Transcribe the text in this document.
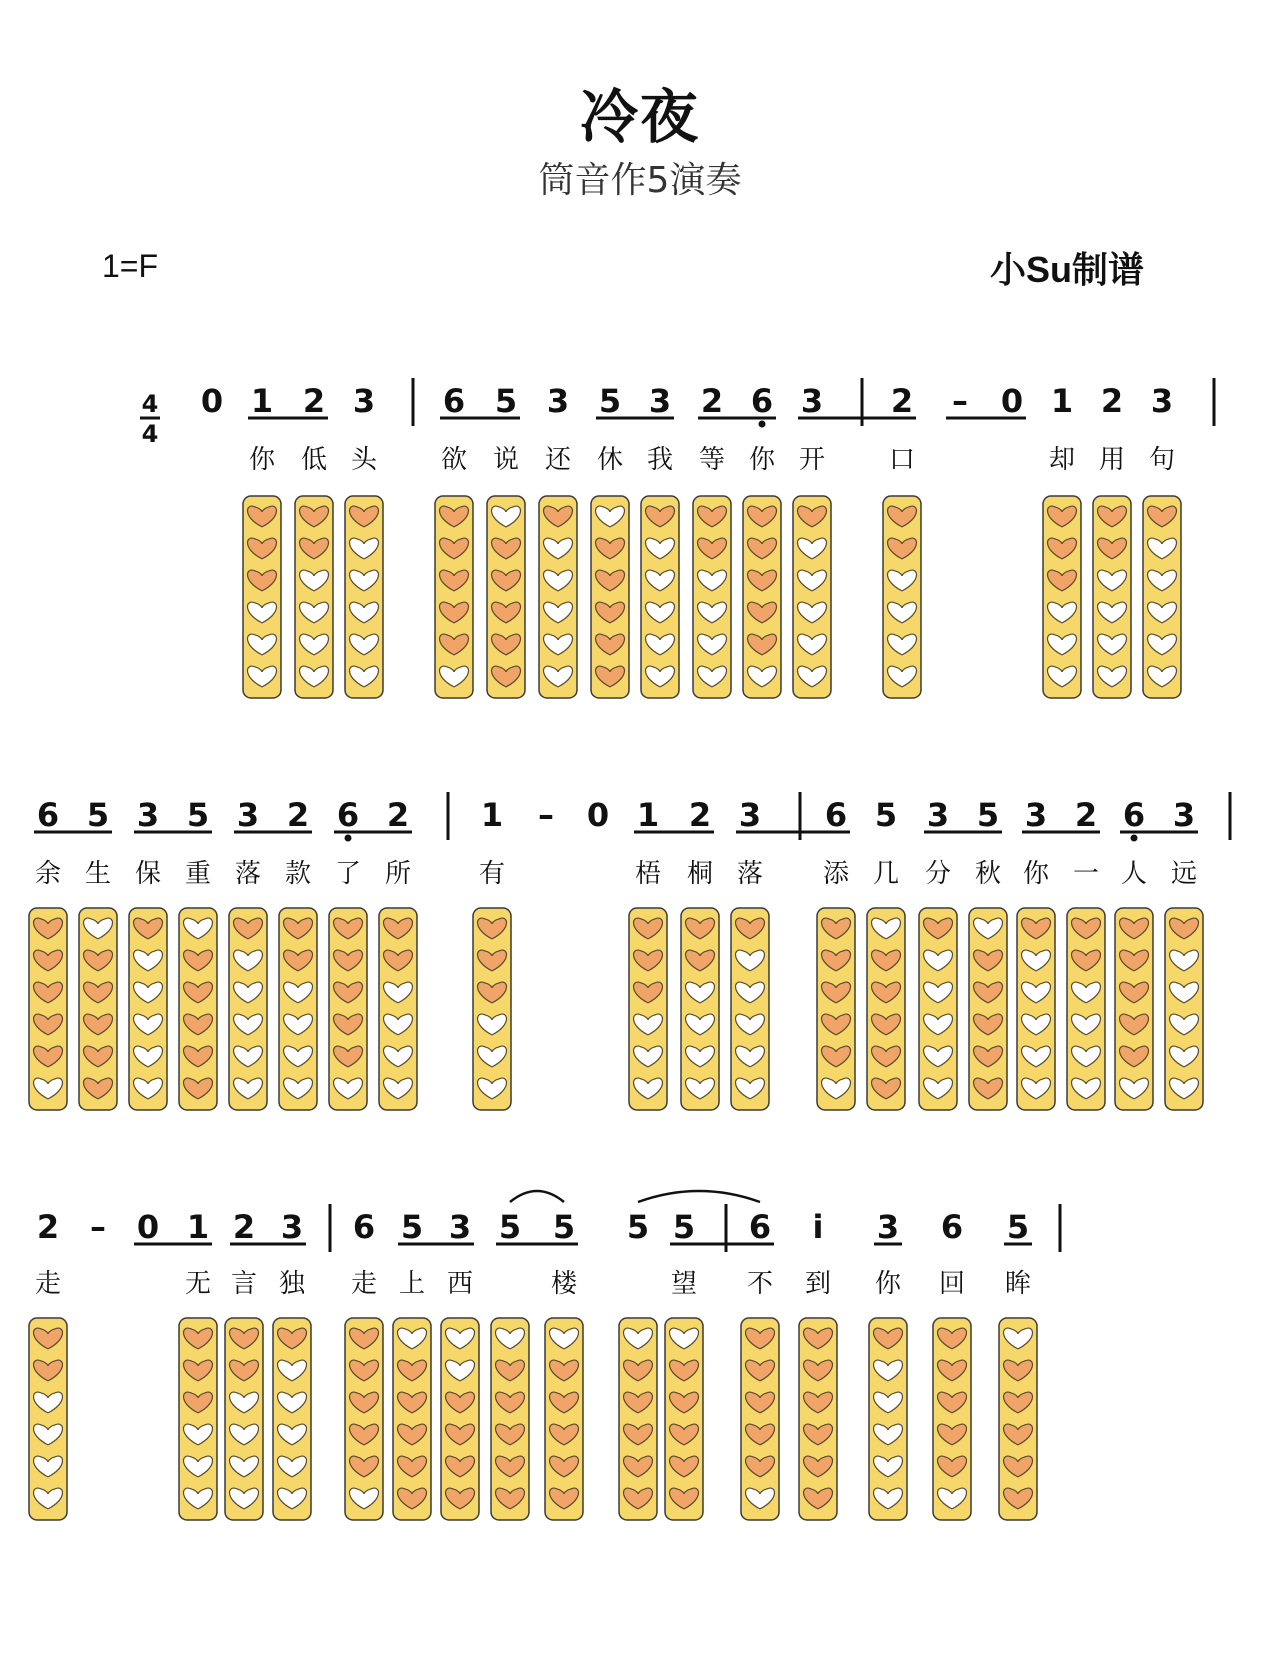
冷夜
筒音作5演奏
1=F	小Su制谱
4
4
0 1
你
2
低
3
头
6
欲
5
说
3
还
5
休
3
我
2
等
6
你
3
开
2
口
– 0 1
却
2
用
3
句
6
余
5
生
3
保
5
重
3
落
2
款
6
了
2
所
1
有
– 0 1
梧
2
桐
3
落
6
添
5
几
3
分
5
秋
3
你
2
一
6
人
3
远
2
走
– 0 1
无
2
言
3
独
6
走
5
上
3
西
5 5
楼
5 5
望
6
不
i
到
3
你
6
回
5
眸
